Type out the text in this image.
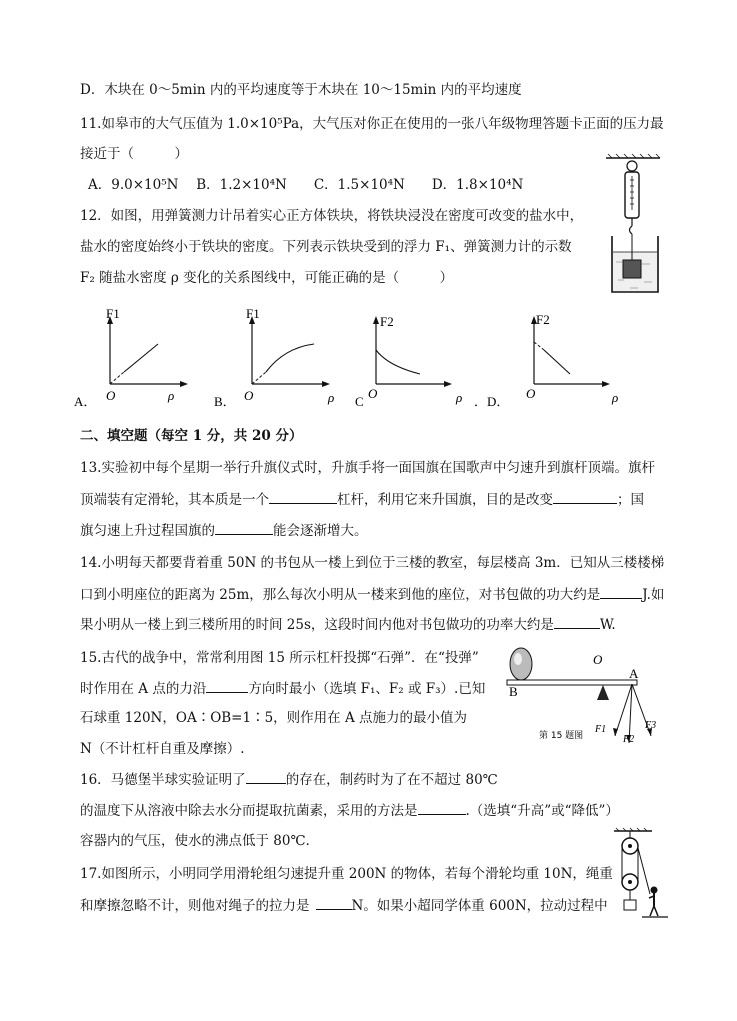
D．木块在 0～5min 内的平均速度等于木块在 10～15min 内的平均速度
11.如皋市的大气压值为 1.0×10⁵Pa，大气压对你正在使用的一张八年级物理答题卡正面的压力最
接近于（　　　）
A．9.0×10⁵N　 B．1.2×10⁴N　　C．1.5×10⁴N　　D．1.8×10⁴N
12．如图，用弹簧测力计吊着实心正方体铁块，将铁块浸没在密度可改变的盐水中，
盐水的密度始终小于铁块的密度。下列表示铁块受到的浮力 F₁、弹簧测力计的示数
F₂ 随盐水密度 ρ 变化的关系图线中，可能正确的是（　　　）
F1
O	ρ
A．
F1
O	ρ
B．
F2
O	ρ
C
F2
O	ρ
．D．
二、填空题（每空 1 分，共 20 分）
13.实验初中每个星期一举行升旗仪式时，升旗手将一面国旗在国歌声中匀速升到旗杆顶端。旗杆
顶端装有定滑轮，其本质是一个	杠杆，利用它来升国旗，目的是改变	；国
旗匀速上升过程国旗的	能会逐渐增大。
14.小明每天都要背着重 50N 的书包从一楼上到位于三楼的教室，每层楼高 3m．已知从三楼楼梯
口到小明座位的距离为 25m，那么每次小明从一楼来到他的座位，对书包做的功大约是	J.如
果小明从一楼上到三楼所用的时间 25s，这段时间内他对书包做功的功率大约是	W.
15.古代的战争中，常常利用图 15 所示杠杆投掷“石弹”．在“投弹”
时作用在 A 点的力沿	方向时最小（选填 F₁、F₂ 或 F₃）.已知
石球重 120N，OA∶OB=1∶5，则作用在 A 点施力的最小值为
N（不计杠杆自重及摩擦）.
B
O
A
第 15 题图
F1
F2
F3
16．马德堡半球实验证明了	的存在，制药时为了在不超过 80℃
的温度下从溶液中除去水分而提取抗菌素，采用的方法是	.（选填“升高”或“降低”）
容器内的气压，使水的沸点低于 80℃．
17.如图所示，小明同学用滑轮组匀速提升重 200N 的物体，若每个滑轮均重 10N，绳重
和摩擦忽略不计，则他对绳子的拉力是	N。如果小超同学体重 600N，拉动过程中
